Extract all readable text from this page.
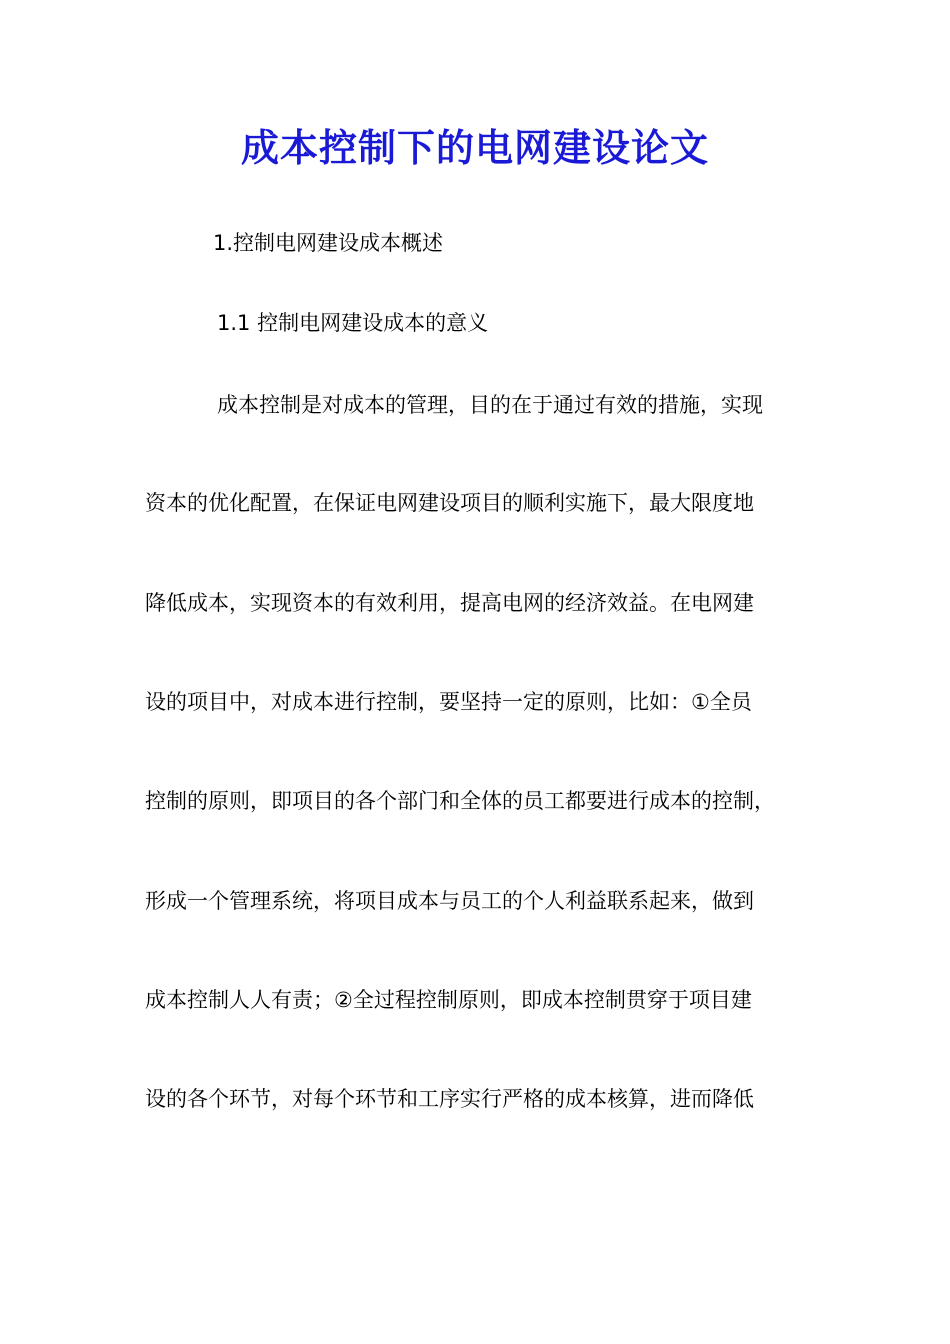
成本控制下的电网建设论文

1.控制电网建设成本概述

1.1 控制电网建设成本的意义

成本控制是对成本的管理，目的在于通过有效的措施，实现

资本的优化配置，在保证电网建设项目的顺利实施下，最大限度地

降低成本，实现资本的有效利用，提高电网的经济效益。在电网建

设的项目中，对成本进行控制，要坚持一定的原则，比如：①全员

控制的原则，即项目的各个部门和全体的员工都要进行成本的控制，

形成一个管理系统，将项目成本与员工的个人利益联系起来，做到

成本控制人人有责；②全过程控制原则，即成本控制贯穿于项目建

设的各个环节，对每个环节和工序实行严格的成本核算，进而降低
